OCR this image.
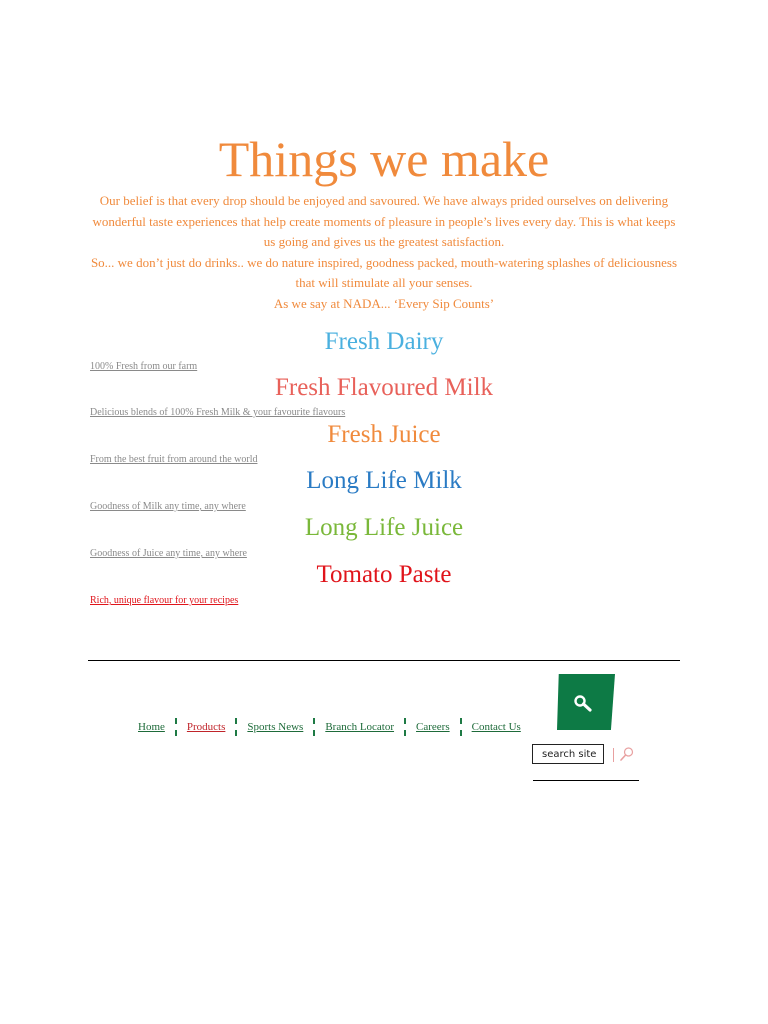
Things we make

Our belief is that every drop should be enjoyed and savoured. We have always prided ourselves on delivering wonderful taste experiences that help create moments of pleasure in people’s lives every day. This is what keeps us going and gives us the greatest satisfaction.

So... we don’t just do drinks.. we do nature inspired, goodness packed, mouth-watering splashes of deliciousness that will stimulate all your senses.

As we say at NADA... ‘Every Sip Counts’

Fresh Dairy
100% Fresh from our farm
Fresh Flavoured Milk
Delicious blends of 100% Fresh Milk & your favourite flavours
Fresh Juice
From the best fruit from around the world
Long Life Milk
Goodness of Milk any time, any where
Long Life Juice
Goodness of Juice any time, any where
Tomato Paste
Rich, unique flavour for your recipes
Home	Products	Sports News	Branch Locator	Careers	Contact Us
search site
